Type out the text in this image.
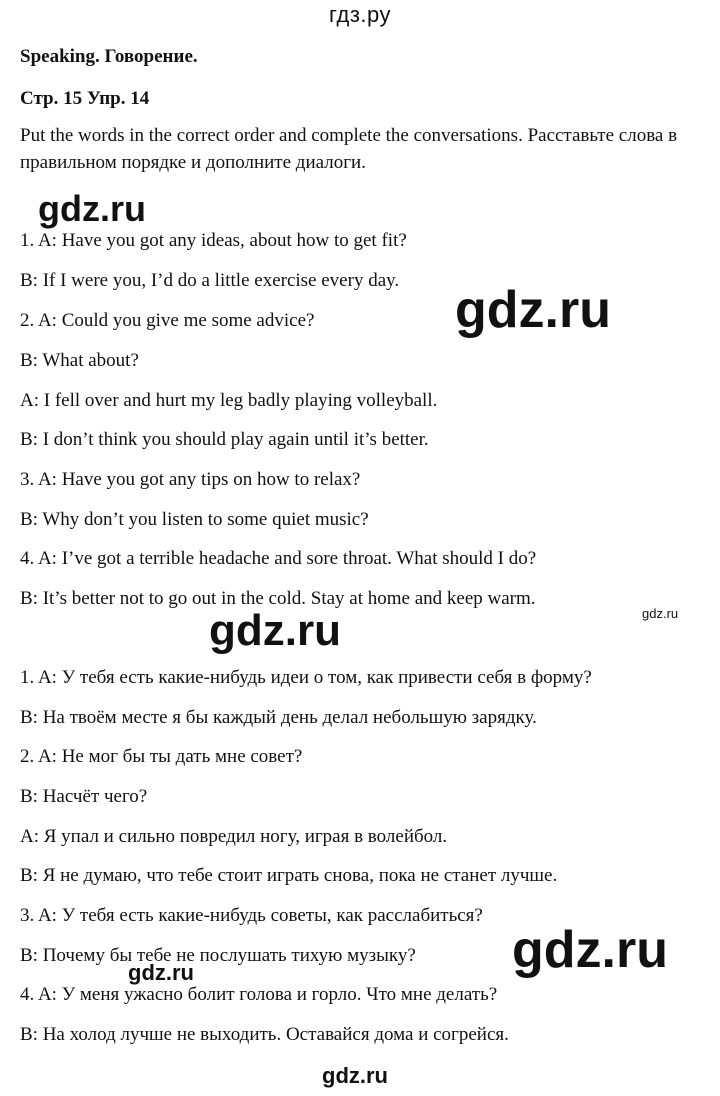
гдз.ру
Speaking. Говорение.
Стр. 15 Упр. 14
Put the words in the correct order and complete the conversations. Расставьте слова в правильном порядке и дополните диалоги.
1. A: Have you got any ideas, about how to get fit?
B: If I were you, I’d do a little exercise every day.
2. A: Could you give me some advice?
B: What about?
A: I fell over and hurt my leg badly playing volleyball.
B: I don’t think you should play again until it’s better.
3. A: Have you got any tips on how to relax?
B: Why don’t you listen to some quiet music?
4. A: I’ve got a terrible headache and sore throat. What should I do?
B: It’s better not to go out in the cold. Stay at home and keep warm.
1. A: У тебя есть какие-нибудь идеи о том, как привести себя в форму?
B: На твоём месте я бы каждый день делал небольшую зарядку.
2. A: Не мог бы ты дать мне совет?
B: Насчёт чего?
A: Я упал и сильно повредил ногу, играя в волейбол.
B: Я не думаю, что тебе стоит играть снова, пока не станет лучше.
3. A: У тебя есть какие-нибудь советы, как расслабиться?
B: Почему бы тебе не послушать тихую музыку?
4. A: У меня ужасно болит голова и горло. Что мне делать?
B: На холод лучше не выходить. Оставайся дома и согрейся.
gdz.ru
gdz.ru
gdz.ru
gdz.ru
gdz.ru
gdz.ru
gdz.ru
